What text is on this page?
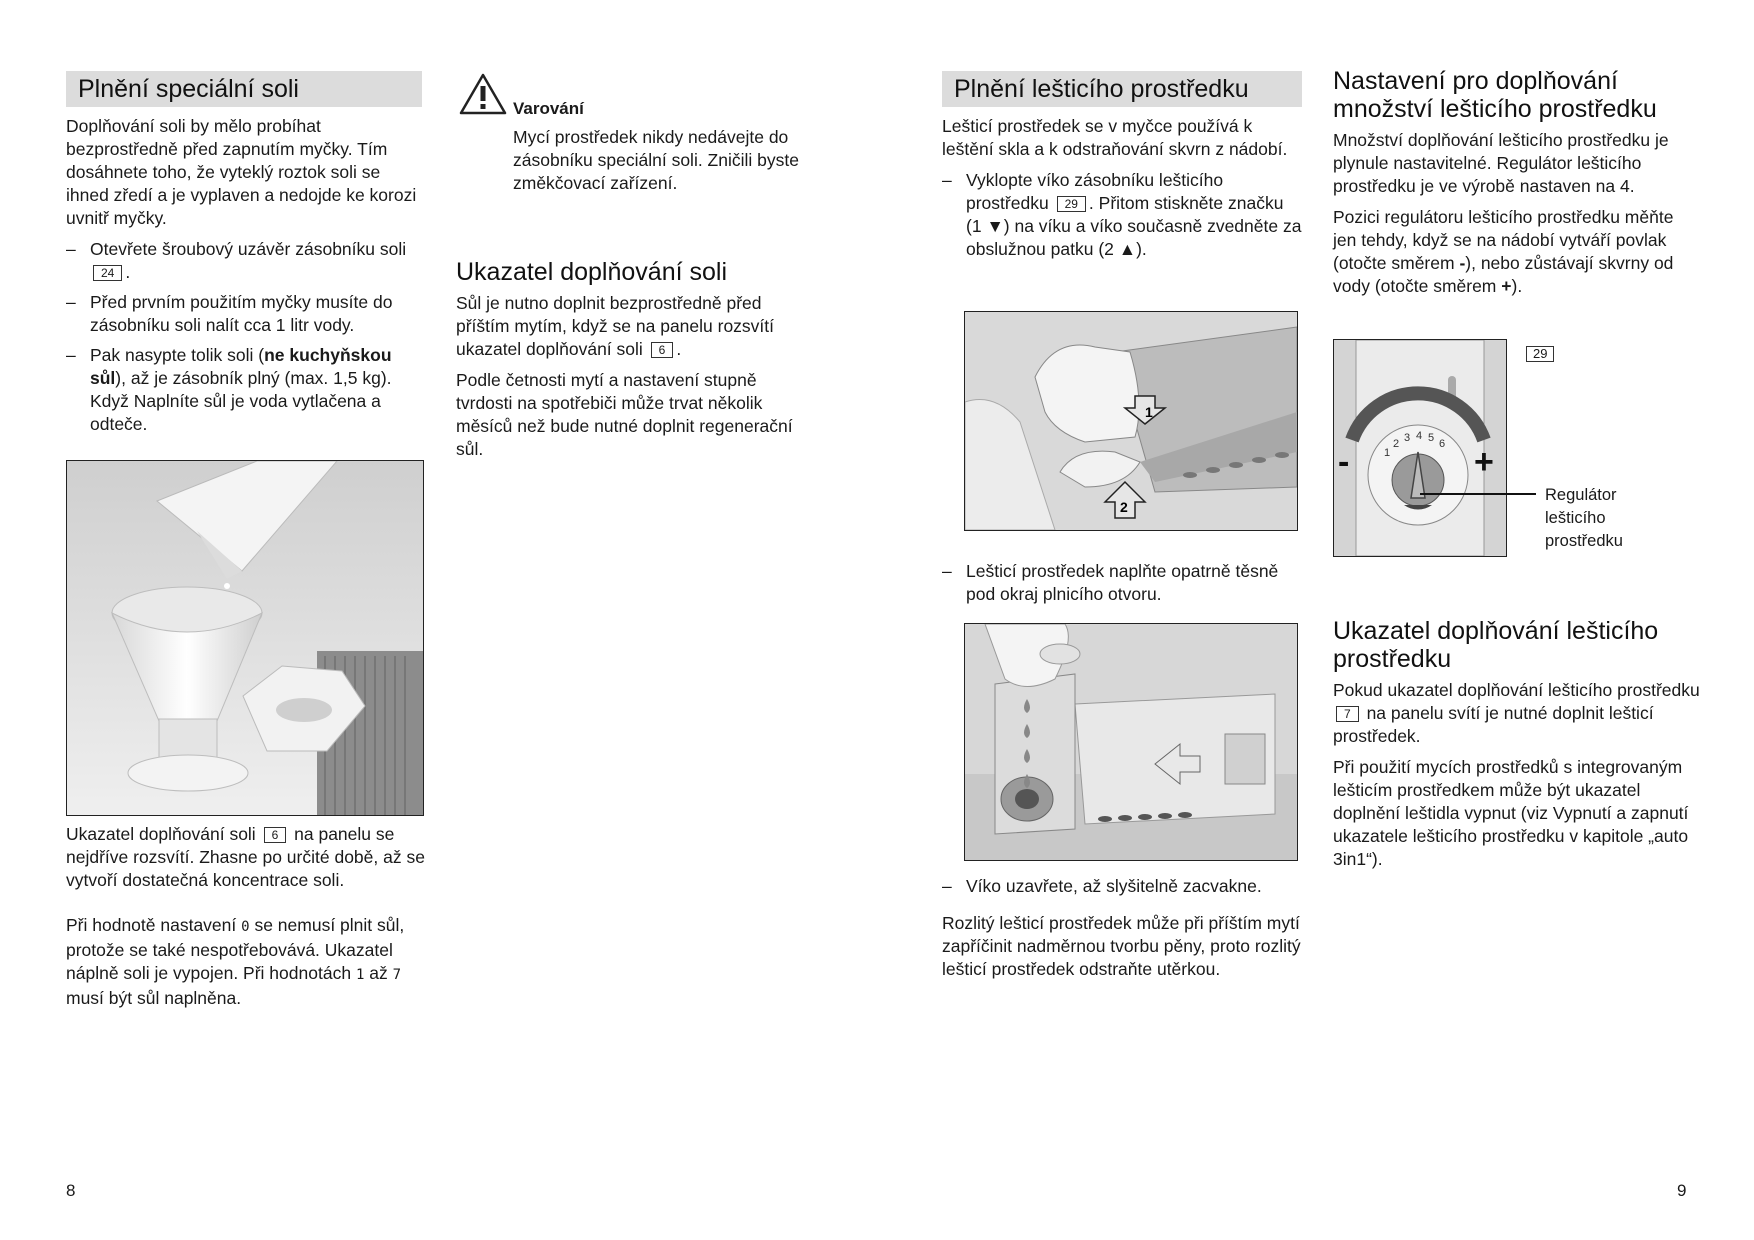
Plnění speciální soli

Doplňování soli by mělo probíhat bezprostředně před zapnutím myčky. Tím dosáhnete toho, že vyteklý roztok soli se ihned zředí a je vyplaven a nedojde ke korozi uvnitř myčky.

– Otevřete šroubový uzávěr zásobníku soli 24 .
– Před prvním použitím myčky musíte do zásobníku soli nalít cca 1 litr vody.
– Pak nasypte tolik soli (ne kuchyňskou sůl), až je zásobník plný (max. 1,5 kg). Když Naplníte sůl je voda vytlačena a odteče.

Ukazatel doplňování soli 6 na panelu se nejdříve rozsvítí. Zhasne po určité době, až se vytvoří dostatečná koncentrace soli.

Při hodnotě nastavení 0 se nemusí plnit sůl, protože se také nespotřebovává. Ukazatel náplně soli je vypojen. Při hodnotách 1 až 7 musí být sůl naplněna.

8
Varování

Mycí prostředek nikdy nedávejte do zásobníku speciální soli. Zničili byste změkčovací zařízení.

Ukazatel doplňování soli

Sůl je nutno doplnit bezprostředně před příštím mytím, když se na panelu rozsvítí ukazatel doplňování soli 6 .

Podle četnosti mytí a nastavení stupně tvrdosti na spotřebiči může trvat několik měsíců než bude nutné doplnit regenerační sůl.

Plnění lešticího prostředku

Lešticí prostředek se v myčce používá k leštění skla a k odstraňování skvrn z nádobí.

– Vyklopte víko zásobníku lešticího prostředku 29 . Přitom stiskněte značku (1 ▼) na víku a víko současně zvedněte za obslužnou patku (2 ▲).
1
2
– Lešticí prostředek naplňte opatrně těsně pod okraj plnicího otvoru.
– Víko uzavřete, až slyšitelně zacvakne.

Rozlitý lešticí prostředek může při příštím mytí zapříčinit nadměrnou tvorbu pěny, proto rozlitý lešticí prostředek odstraňte utěrkou.

Nastavení pro doplňování množství lešticího prostředku

Množství doplňování lešticího prostředku je plynule nastavitelné. Regulátor lešticího prostředku je ve výrobě nastaven na 4.

Pozici regulátoru lešticího prostředku měňte jen tehdy, když se na nádobí vytváří povlak (otočte směrem -), nebo zůstávají skvrny od vody (otočte směrem +).

1
2 3 4 5 6
-	+
29
Regulátor lešticího prostředku
Ukazatel doplňování lešticího prostředku

Pokud ukazatel doplňování lešticího prostředku 7 na panelu svítí je nutné doplnit lešticí prostředek.

Při použití mycích prostředků s integrovaným lešticím prostředkem může být ukazatel doplnění leštidla vypnut (viz Vypnutí a zapnutí ukazatele lešticího prostředku v kapitole „auto 3in1“).

9
